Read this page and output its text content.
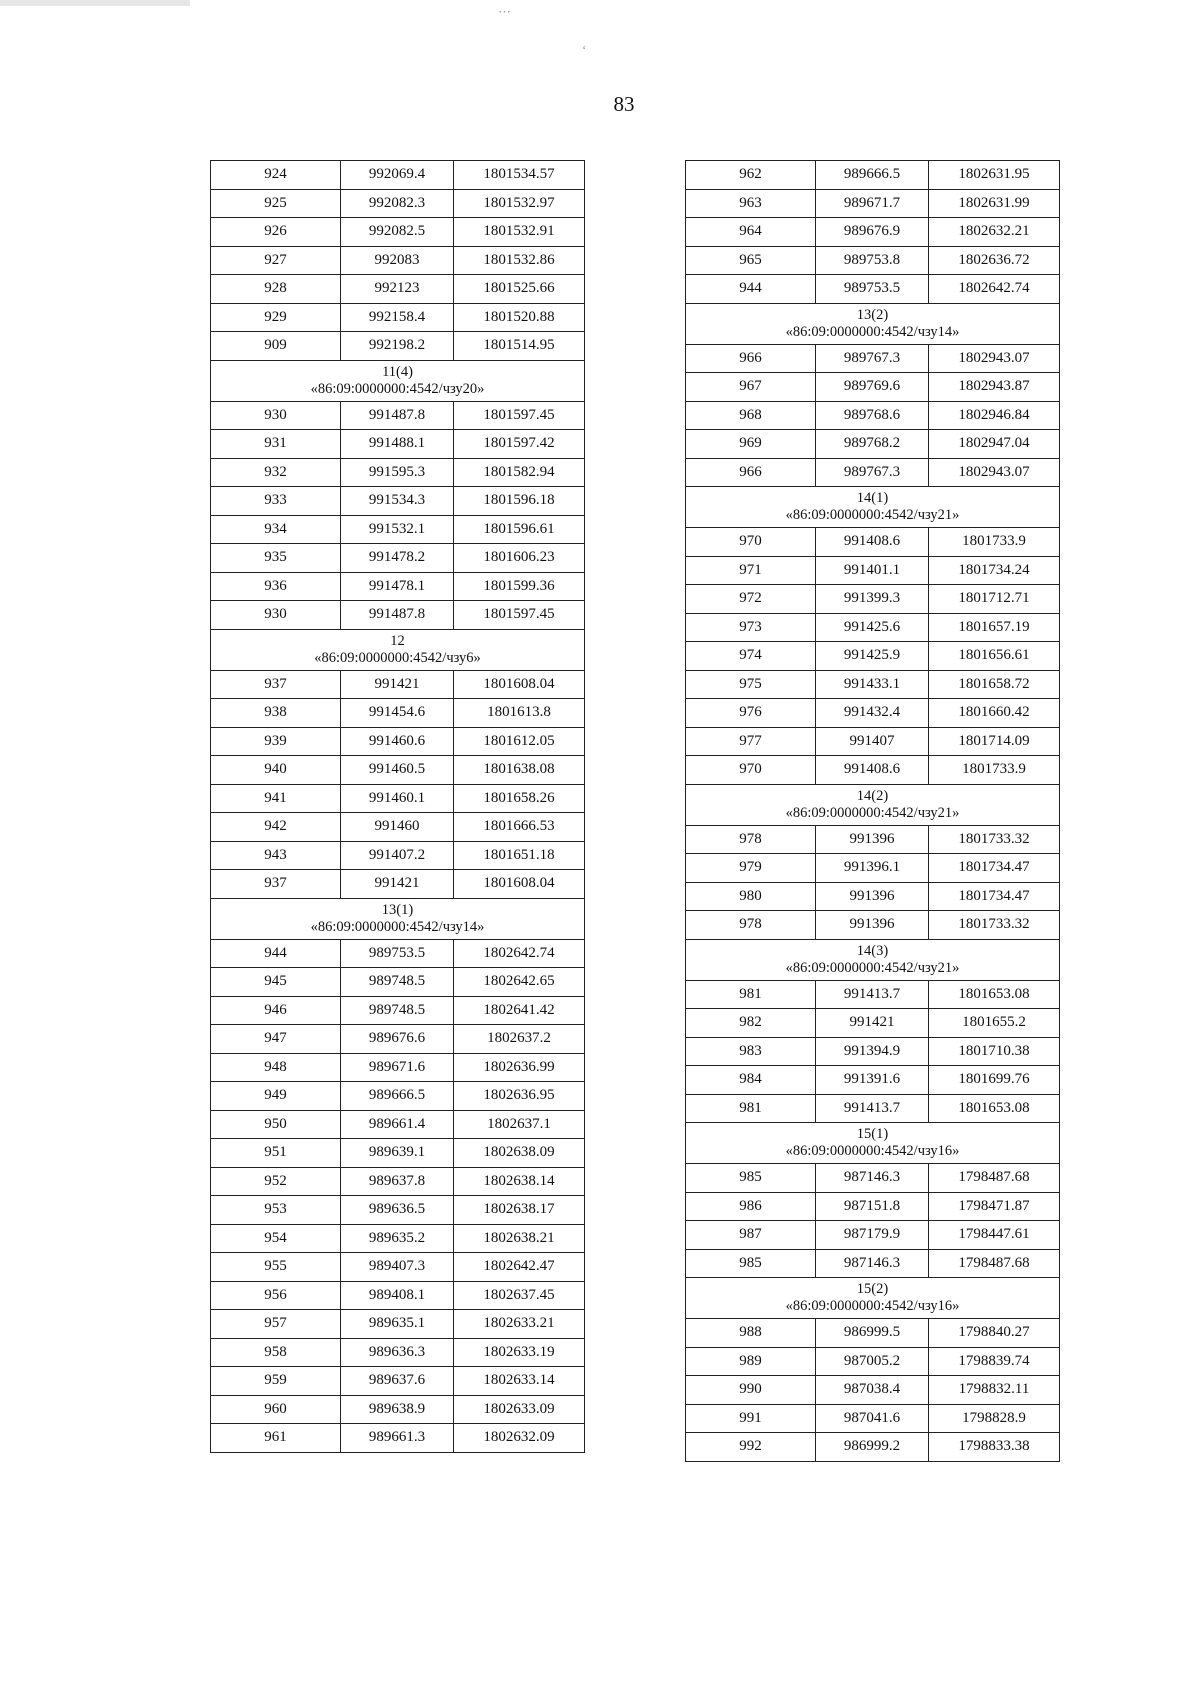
83
924	992069.4	1801534.57
925	992082.3	1801532.97
926	992082.5	1801532.91
927	992083	1801532.86
928	992123	1801525.66
929	992158.4	1801520.88
909	992198.2	1801514.95

11(4)
«86:09:0000000:4542/чзу20»		

930	991487.8	1801597.45
931	991488.1	1801597.42
932	991595.3	1801582.94
933	991534.3	1801596.18
934	991532.1	1801596.61
935	991478.2	1801606.23
936	991478.1	1801599.36
930	991487.8	1801597.45

12
«86:09:0000000:4542/чзу6»		

937	991421	1801608.04
938	991454.6	1801613.8
939	991460.6	1801612.05
940	991460.5	1801638.08
941	991460.1	1801658.26
942	991460	1801666.53
943	991407.2	1801651.18
937	991421	1801608.04

13(1)
«86:09:0000000:4542/чзу14»		

944	989753.5	1802642.74
945	989748.5	1802642.65
946	989748.5	1802641.42
947	989676.6	1802637.2
948	989671.6	1802636.99
949	989666.5	1802636.95
950	989661.4	1802637.1
951	989639.1	1802638.09
952	989637.8	1802638.14
953	989636.5	1802638.17
954	989635.2	1802638.21
955	989407.3	1802642.47
956	989408.1	1802637.45
957	989635.1	1802633.21
958	989636.3	1802633.19
959	989637.6	1802633.14
960	989638.9	1802633.09
961	989661.3	1802632.09
962	989666.5	1802631.95
963	989671.7	1802631.99
964	989676.9	1802632.21
965	989753.8	1802636.72
944	989753.5	1802642.74

13(2)
«86:09:0000000:4542/чзу14»		

966	989767.3	1802943.07
967	989769.6	1802943.87
968	989768.6	1802946.84
969	989768.2	1802947.04
966	989767.3	1802943.07

14(1)
«86:09:0000000:4542/чзу21»		

970	991408.6	1801733.9
971	991401.1	1801734.24
972	991399.3	1801712.71
973	991425.6	1801657.19
974	991425.9	1801656.61
975	991433.1	1801658.72
976	991432.4	1801660.42
977	991407	1801714.09
970	991408.6	1801733.9

14(2)
«86:09:0000000:4542/чзу21»		

978	991396	1801733.32
979	991396.1	1801734.47
980	991396	1801734.47
978	991396	1801733.32

14(3)
«86:09:0000000:4542/чзу21»		

981	991413.7	1801653.08
982	991421	1801655.2
983	991394.9	1801710.38
984	991391.6	1801699.76
981	991413.7	1801653.08

15(1)
«86:09:0000000:4542/чзу16»		

985	987146.3	1798487.68
986	987151.8	1798471.87
987	987179.9	1798447.61
985	987146.3	1798487.68

15(2)
«86:09:0000000:4542/чзу16»		

988	986999.5	1798840.27
989	987005.2	1798839.74
990	987038.4	1798832.11
991	987041.6	1798828.9
992	986999.2	1798833.38
⋯
‘
